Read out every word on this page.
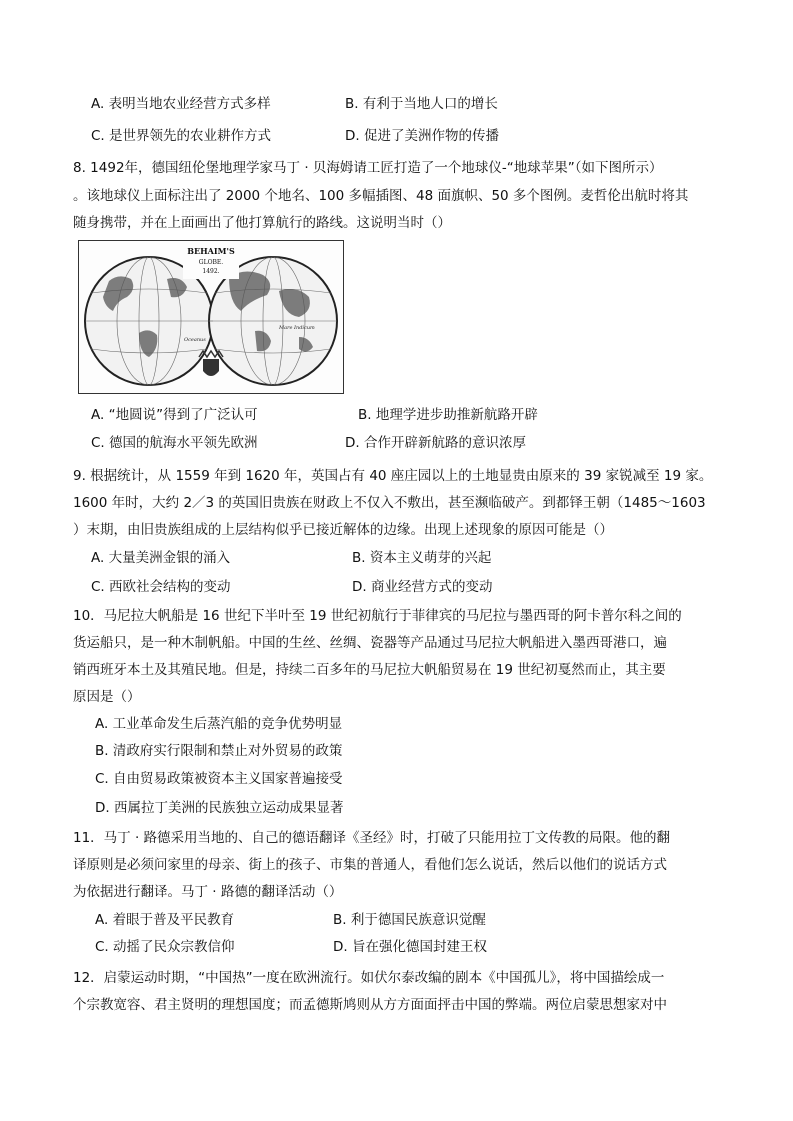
A. 表明当地农业经营方式多样	B. 有利于当地人口的增长
C. 是世界领先的农业耕作方式	D. 促进了美洲作物的传播
8. 1492年，德国纽伦堡地理学家马丁 · 贝海姆请工匠打造了一个地球仪-“地球苹果”（如下图所示）
。该地球仪上面标注出了 2000 个地名、100 多幅插图、48 面旗帜、50 多个图例。麦哲伦出航时将其
随身携带，并在上面画出了他打算航行的路线。这说明当时（）
Oceanus
Mare Indicum
BEHAIM'S
GLOBE.
1492.
A. “地圆说”得到了广泛认可	B. 地理学进步助推新航路开辟
C. 德国的航海水平领先欧洲	D. 合作开辟新航路的意识浓厚
9. 根据统计，从 1559 年到 1620 年，英国占有 40 座庄园以上的土地显贵由原来的 39 家锐减至 19 家。
1600 年时，大约 2／3 的英国旧贵族在财政上不仅入不敷出，甚至濒临破产。到都铎王朝（1485～1603
）末期，由旧贵族组成的上层结构似乎已接近解体的边缘。出现上述现象的原因可能是（）
A. 大量美洲金银的涌入	B. 资本主义萌芽的兴起
C. 西欧社会结构的变动	D. 商业经营方式的变动
10．马尼拉大帆船是 16 世纪下半叶至 19 世纪初航行于菲律宾的马尼拉与墨西哥的阿卡普尔科之间的
货运船只，是一种木制帆船。中国的生丝、丝绸、瓷器等产品通过马尼拉大帆船进入墨西哥港口，遍
销西班牙本土及其殖民地。但是，持续二百多年的马尼拉大帆船贸易在 19 世纪初戛然而止，其主要
原因是（）
A. 工业革命发生后蒸汽船的竞争优势明显
B. 清政府实行限制和禁止对外贸易的政策
C. 自由贸易政策被资本主义国家普遍接受
D. 西属拉丁美洲的民族独立运动成果显著
11．马丁 · 路德采用当地的、自己的德语翻译《圣经》时，打破了只能用拉丁文传教的局限。他的翻
译原则是必须问家里的母亲、街上的孩子、市集的普通人，看他们怎么说话，然后以他们的说话方式
为依据进行翻译。马丁 · 路德的翻译活动（）
A. 着眼于普及平民教育	B. 利于德国民族意识觉醒
C. 动摇了民众宗教信仰	D. 旨在强化德国封建王权
12．启蒙运动时期，“中国热”一度在欧洲流行。如伏尔泰改编的剧本《中国孤儿》，将中国描绘成一
个宗教宽容、君主贤明的理想国度；而孟德斯鸠则从方方面面抨击中国的弊端。两位启蒙思想家对中
